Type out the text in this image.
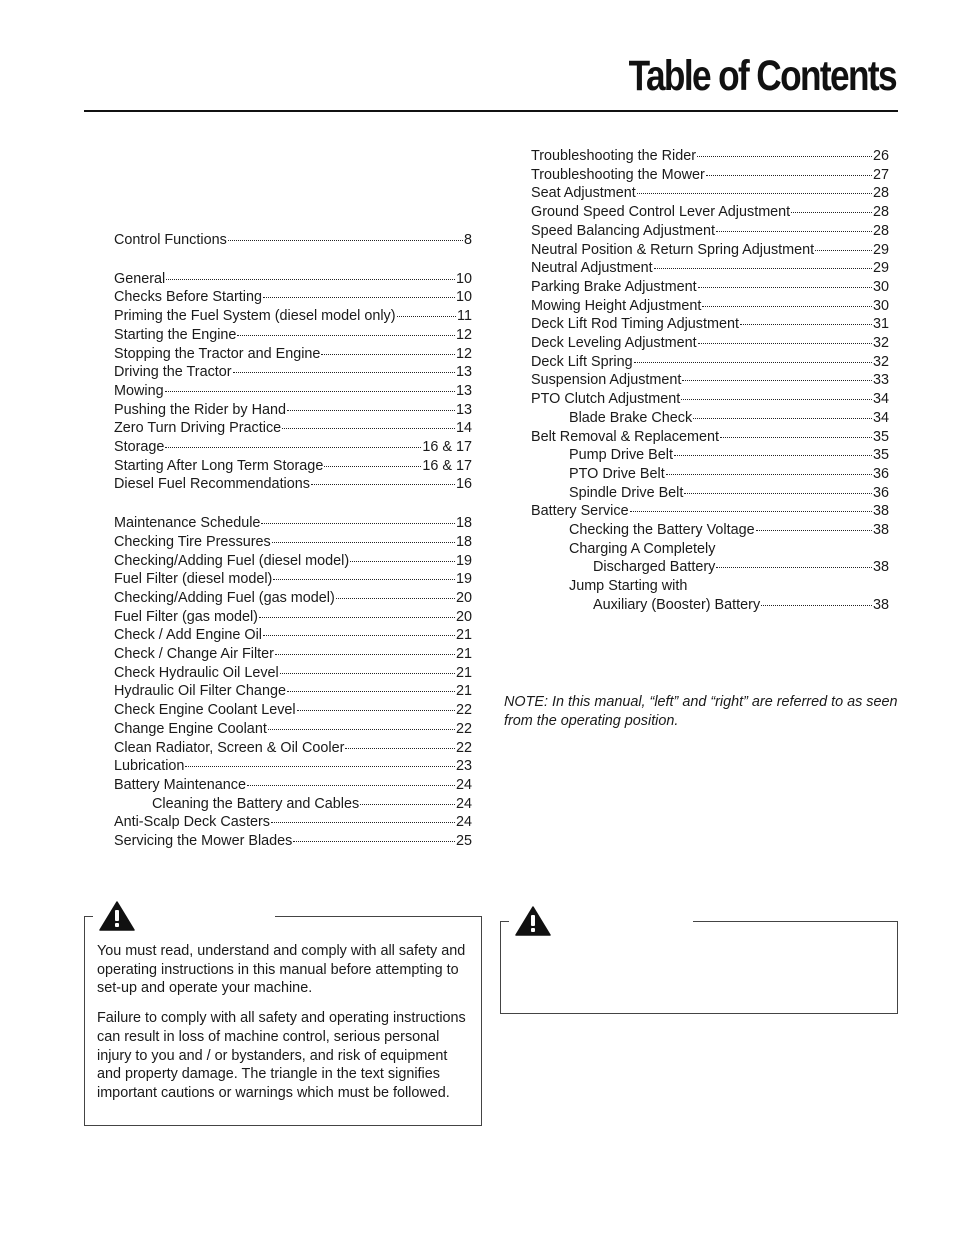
Table of Contents
Control Functions	8
General	10
Checks Before Starting	10
Priming the Fuel System (diesel model only)	11
Starting the Engine	12
Stopping the Tractor and Engine	12
Driving the Tractor	13
Mowing	13
Pushing the Rider by Hand	13
Zero Turn Driving Practice	14
Storage	16 & 17
Starting After Long Term Storage	16 & 17
Diesel Fuel Recommendations	16
Maintenance Schedule	18
Checking Tire Pressures	18
Checking/Adding Fuel (diesel model)	19
Fuel Filter (diesel model)	19
Checking/Adding Fuel (gas model)	20
Fuel Filter (gas model)	20
Check / Add Engine Oil	21
Check / Change Air Filter	21
Check Hydraulic Oil Level	21
Hydraulic Oil Filter Change	21
Check Engine Coolant Level	22
Change Engine Coolant	22
Clean Radiator, Screen & Oil Cooler	22
Lubrication	23
Battery Maintenance	24
Cleaning the Battery and Cables	24
Anti-Scalp Deck Casters	24
Servicing the Mower Blades	25
Troubleshooting the Rider	26
Troubleshooting the Mower	27
Seat Adjustment	28
Ground Speed Control Lever Adjustment	28
Speed Balancing Adjustment	28
Neutral Position & Return Spring Adjustment	29
Neutral Adjustment	29
Parking Brake Adjustment	30
Mowing Height Adjustment	30
Deck Lift Rod Timing Adjustment	31
Deck Leveling Adjustment	32
Deck Lift Spring	32
Suspension Adjustment	33
PTO Clutch Adjustment	34
Blade Brake Check	34
Belt Removal & Replacement	35
Pump Drive Belt	35
PTO Drive Belt	36
Spindle Drive Belt	36
Battery Service	38
Checking the Battery Voltage	38
Charging A Completely
Discharged Battery	38
Jump Starting with
Auxiliary (Booster) Battery	38
NOTE: In this manual, “left” and “right” are referred to as seen from the operating position.

You must read, understand and comply with all safety and operating instructions in this manual before attempting to set-up and operate your machine.

Failure to comply with all safety and operating instructions can result in loss of machine control, serious personal injury to you and / or bystanders, and risk of equipment and property damage. The triangle in the text signifies important cautions or warnings which must be followed.
